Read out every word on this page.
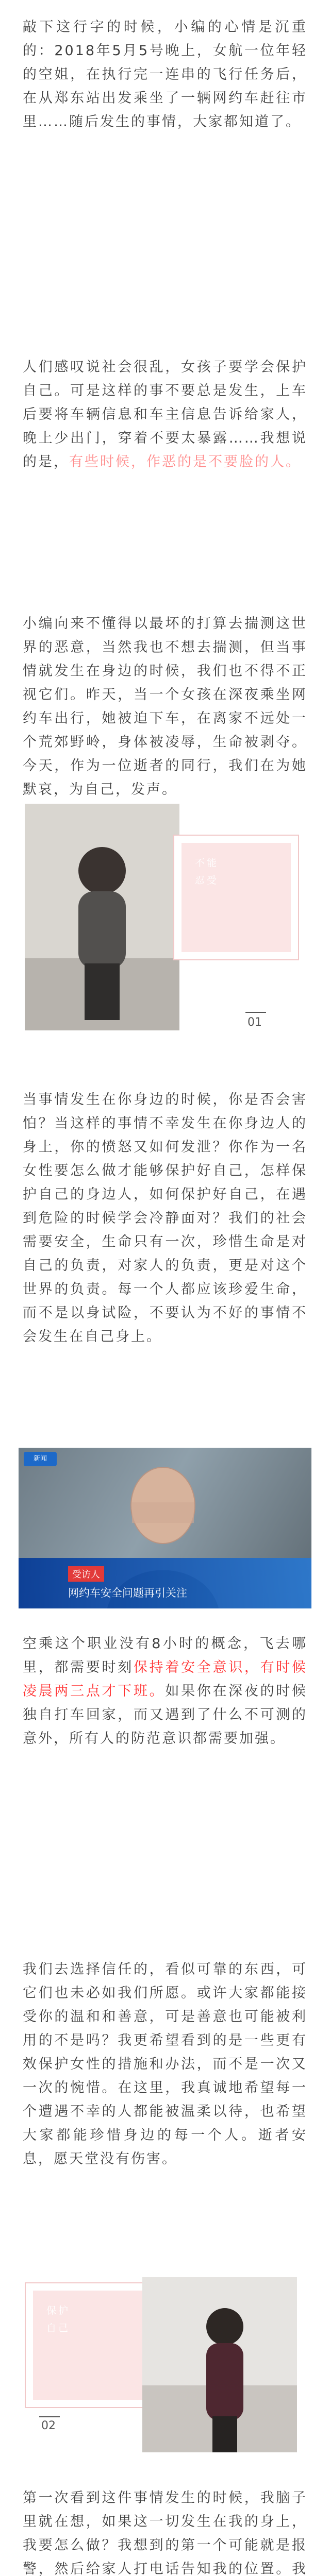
敲下这行字的时候，小编的心情是沉重的：2018年5月5号晚上，女航一位年轻的空姐，在执行完一连串的飞行任务后，在从郑东站出发乘坐了一辆网约车赶往市里……随后发生的事情，大家都知道了。

人们感叹说社会很乱，女孩子要学会保护自己。可是这样的事不要总是发生，上车后要将车辆信息和车主信息告诉给家人，晚上少出门，穿着不要太暴露……我想说的是，有些时候，作恶的是不要脸的人。

小编向来不懂得以最坏的打算去揣测这世界的恶意，当然我也不想去揣测，但当事情就发生在身边的时候，我们也不得不正视它们。昨天，当一个女孩在深夜乘坐网约车出行，她被迫下车，在离家不远处一个荒郊野岭，身体被凌辱，生命被剥夺。今天，作为一位逝者的同行，我们在为她默哀，为自己，发声。
不能
忍受
01
当事情发生在你身边的时候，你是否会害怕？当这样的事情不幸发生在你身边人的身上，你的愤怒又如何发泄？你作为一名女性要怎么做才能够保护好自己，怎样保护自己的身边人，如何保护好自己，在遇到危险的时候学会冷静面对？我们的社会需要安全，生命只有一次，珍惜生命是对自己的负责，对家人的负责，更是对这个世界的负责。每一个人都应该珍爱生命，而不是以身试险，不要认为不好的事情不会发生在自己身上。
新闻
受访人
网约车安全问题再引关注

空乘这个职业没有8小时的概念，飞去哪里，都需要时刻保持着安全意识，有时候凌晨两三点才下班。如果你在深夜的时候独自打车回家，而又遇到了什么不可测的意外，所有人的防范意识都需要加强。

我们去选择信任的，看似可靠的东西，可它们也未必如我们所愿。或许大家都能接受你的温和和善意，可是善意也可能被利用的不是吗？我更希望看到的是一些更有效保护女性的措施和办法，而不是一次又一次的惋惜。在这里，我真诚地希望每一个遭遇不幸的人都能被温柔以待，也希望大家都能珍惜身边的每一个人。逝者安息，愿天堂没有伤害。
保护
自己
02
第一次看到这件事情发生的时候，我脑子里就在想，如果这一切发生在我的身上，我要怎么做？我想到的第一个可能就是报警，然后给家人打电话告知我的位置。我
